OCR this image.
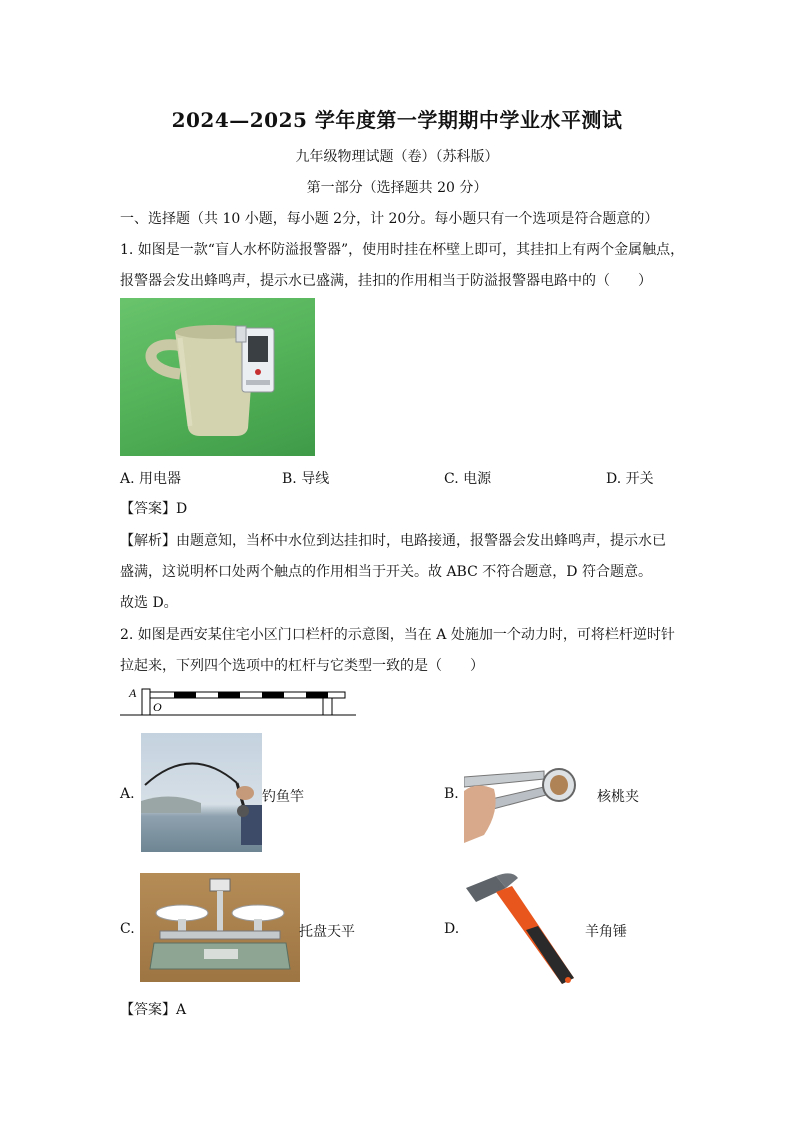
2024—2025 学年度第一学期期中学业水平测试
九年级物理试题（卷）（苏科版）
第一部分（选择题共 20 分）
一、选择题（共 10 小题，每小题 2分，计 20分。每小题只有一个选项是符合题意的）
1. 如图是一款“盲人水杯防溢报警器”，使用时挂在杯壁上即可，其挂扣上有两个金属触点，
报警器会发出蜂鸣声，提示水已盛满，挂扣的作用相当于防溢报警器电路中的（　　）
A. 用电器	B. 导线	C. 电源	D. 开关
【答案】D
【解析】由题意知，当杯中水位到达挂扣时，电路接通，报警器会发出蜂鸣声，提示水已
盛满，这说明杯口处两个触点的作用相当于开关。故 ABC 不符合题意，D 符合题意。
故选 D。
2. 如图是西安某住宅小区门口栏杆的示意图，当在 A 处施加一个动力时，可将栏杆逆时针
拉起来，下列四个选项中的杠杆与它类型一致的是（　　）
A
O
A.	钓鱼竿	B.	核桃夹
C.	托盘天平	D.	羊角锤
【答案】A
